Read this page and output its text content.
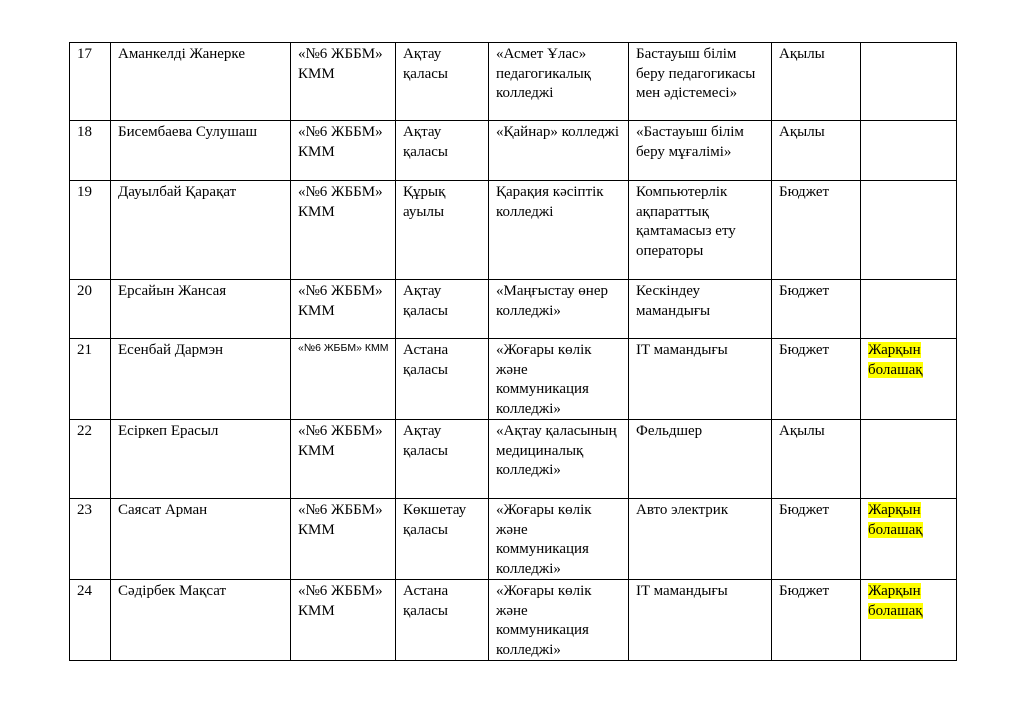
17	Аманкелді Жанерке	«№6 ЖББМ» КММ	Ақтау қаласы	«Асмет Ұлас» педагогикалық колледжі	Бастауыш білім беру педагогикасы мен әдістемесі»	Ақылы	
18	Бисембаева Сулушаш	«№6 ЖББМ» КММ	Ақтау қаласы	«Қайнар» колледжі	«Бастауыш білім беру мұғалімі»	Ақылы	
19	Дауылбай Қарақат	«№6 ЖББМ» КММ	Құрық ауылы	Қарақия кәсіптік колледжі	Компьютерлік ақпараттық қамтамасыз ету операторы	Бюджет	
20	Ерсайын Жансая	«№6 ЖББМ» КММ	Ақтау қаласы	«Маңғыстау өнер колледжі»	Кескіндеу мамандығы	Бюджет	
21	Есенбай Дармэн	«№6 ЖББМ» КММ	Астана қаласы	«Жоғары көлік және коммуникация колледжі»	IT мамандығы	Бюджет	Жарқын болашақ
22	Есіркеп Ерасыл	«№6 ЖББМ» КММ	Ақтау қаласы	«Ақтау қаласының медициналық колледжі»	Фельдшер	Ақылы	
23	Саясат Арман	«№6 ЖББМ» КММ	Көкшетау қаласы	«Жоғары көлік және коммуникация колледжі»	Авто электрик	Бюджет	Жарқын болашақ
24	Сәдірбек Мақсат	«№6 ЖББМ» КММ	Астана қаласы	«Жоғары көлік және коммуникация колледжі»	IT мамандығы	Бюджет	Жарқын болашақ
